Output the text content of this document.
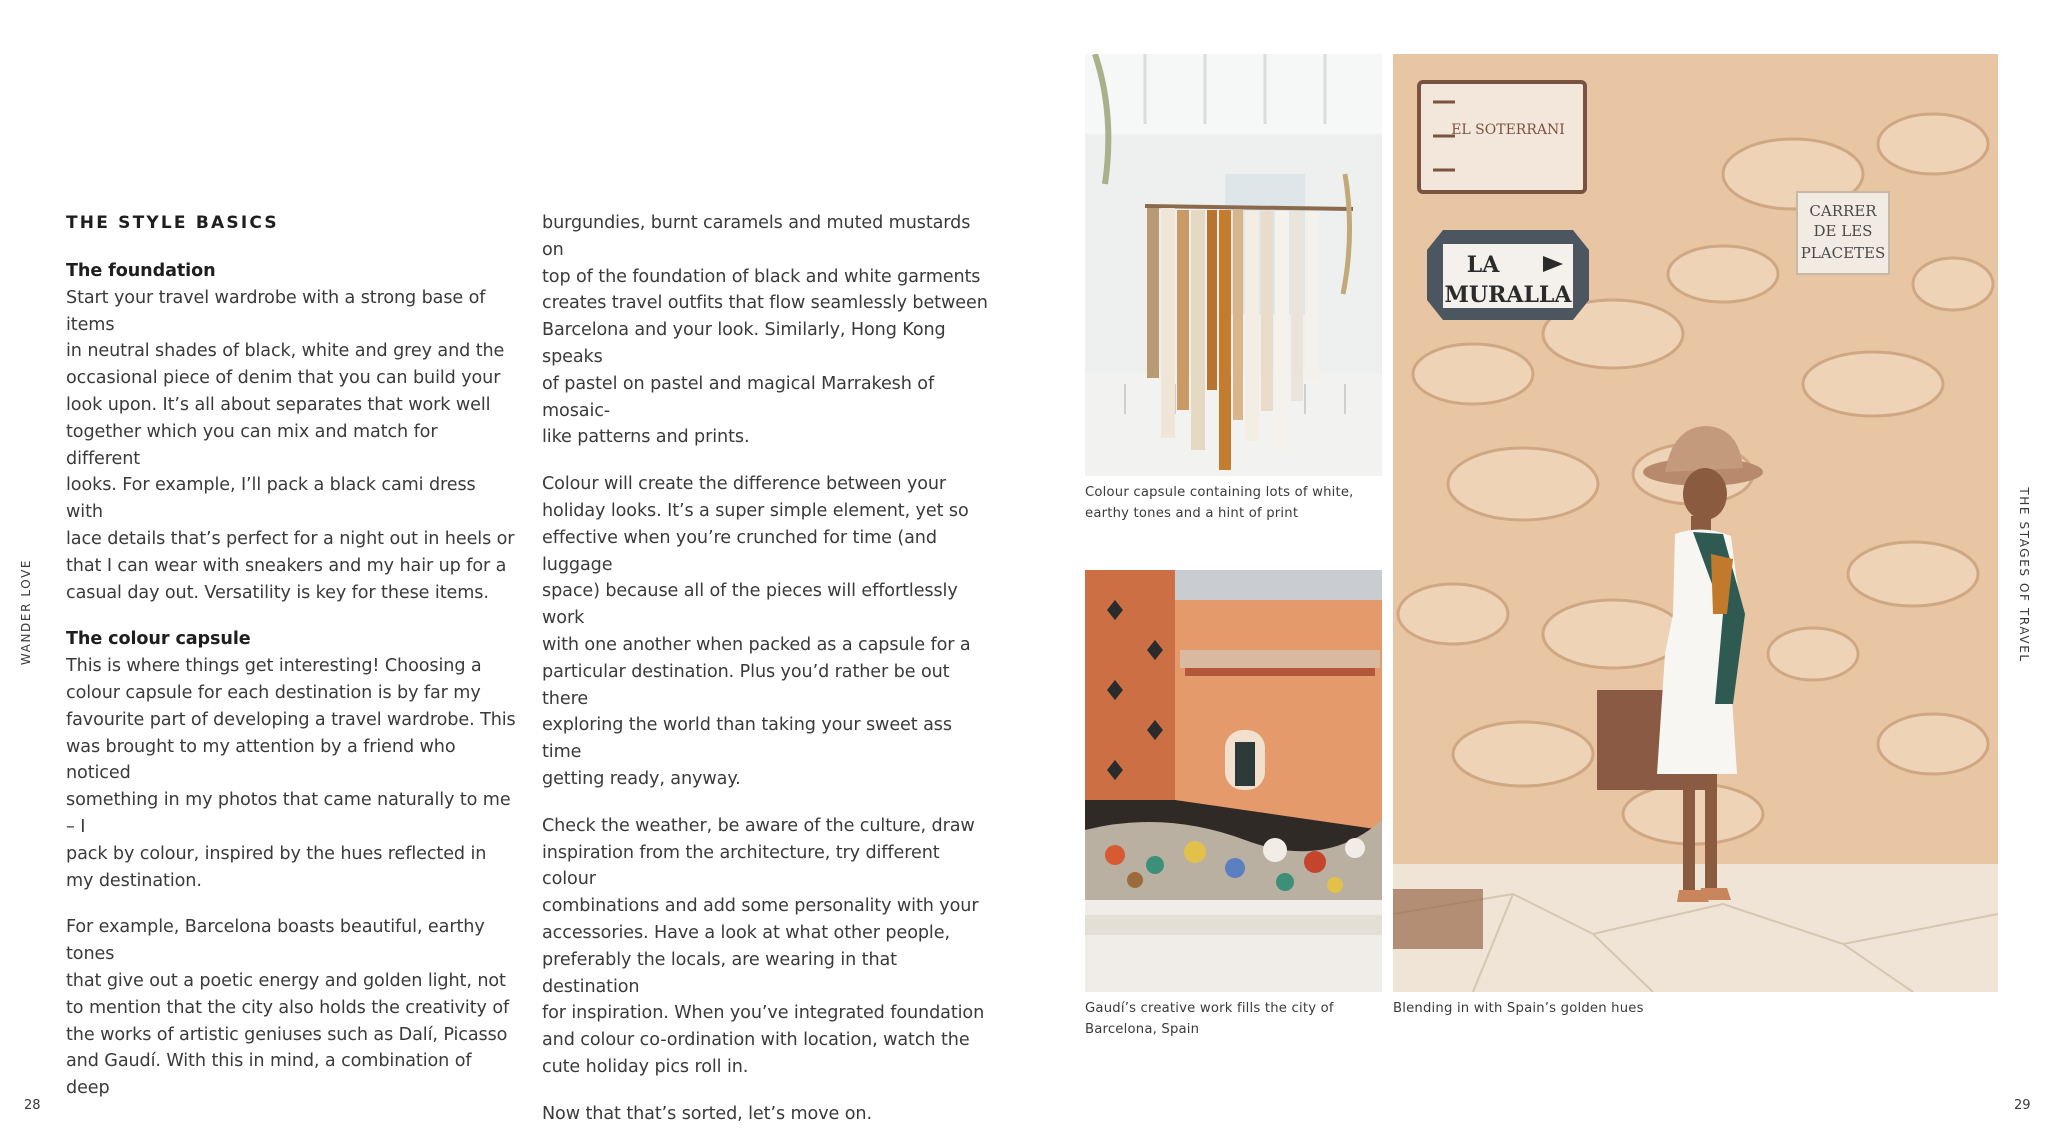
WANDER LOVE
28
THE STAGES OF TRAVEL
29
THE STYLE BASICS
The foundation

Start your travel wardrobe with a strong base of items
in neutral shades of black, white and grey and the
occasional piece of denim that you can build your
look upon. It’s all about separates that work well
together which you can mix and match for different
looks. For example, I’ll pack a black cami dress with
lace details that’s perfect for a night out in heels or
that I can wear with sneakers and my hair up for a
casual day out. Versatility is key for these items.

The colour capsule

This is where things get interesting! Choosing a
colour capsule for each destination is by far my
favourite part of developing a travel wardrobe. This
was brought to my attention by a friend who noticed
something in my photos that came naturally to me – I
pack by colour, inspired by the hues reflected in
my destination.

For example, Barcelona boasts beautiful, earthy tones
that give out a poetic energy and golden light, not
to mention that the city also holds the creativity of
the works of artistic geniuses such as Dalí, Picasso
and Gaudí. With this in mind, a combination of deep

burgundies, burnt caramels and muted mustards on
top of the foundation of black and white garments
creates travel outfits that flow seamlessly between
Barcelona and your look. Similarly, Hong Kong speaks
of pastel on pastel and magical Marrakesh of mosaic-
like patterns and prints.

Colour will create the difference between your
holiday looks. It’s a super simple element, yet so
effective when you’re crunched for time (and luggage
space) because all of the pieces will effortlessly work
with one another when packed as a capsule for a
particular destination. Plus you’d rather be out there
exploring the world than taking your sweet ass time
getting ready, anyway.

Check the weather, be aware of the culture, draw
inspiration from the architecture, try different colour
combinations and add some personality with your
accessories. Have a look at what other people,
preferably the locals, are wearing in that destination
for inspiration. When you’ve integrated foundation
and colour co-ordination with location, watch the
cute holiday pics roll in.

Now that that’s sorted, let’s move on.

Colour capsule containing lots of white,
earthy tones and a hint of print
Gaudí’s creative work fills the city of
Barcelona, Spain
EL SOTERRANI
LA
MURALLA
CARRER
DE LES
PLACETES
Blending in with Spain’s golden hues
